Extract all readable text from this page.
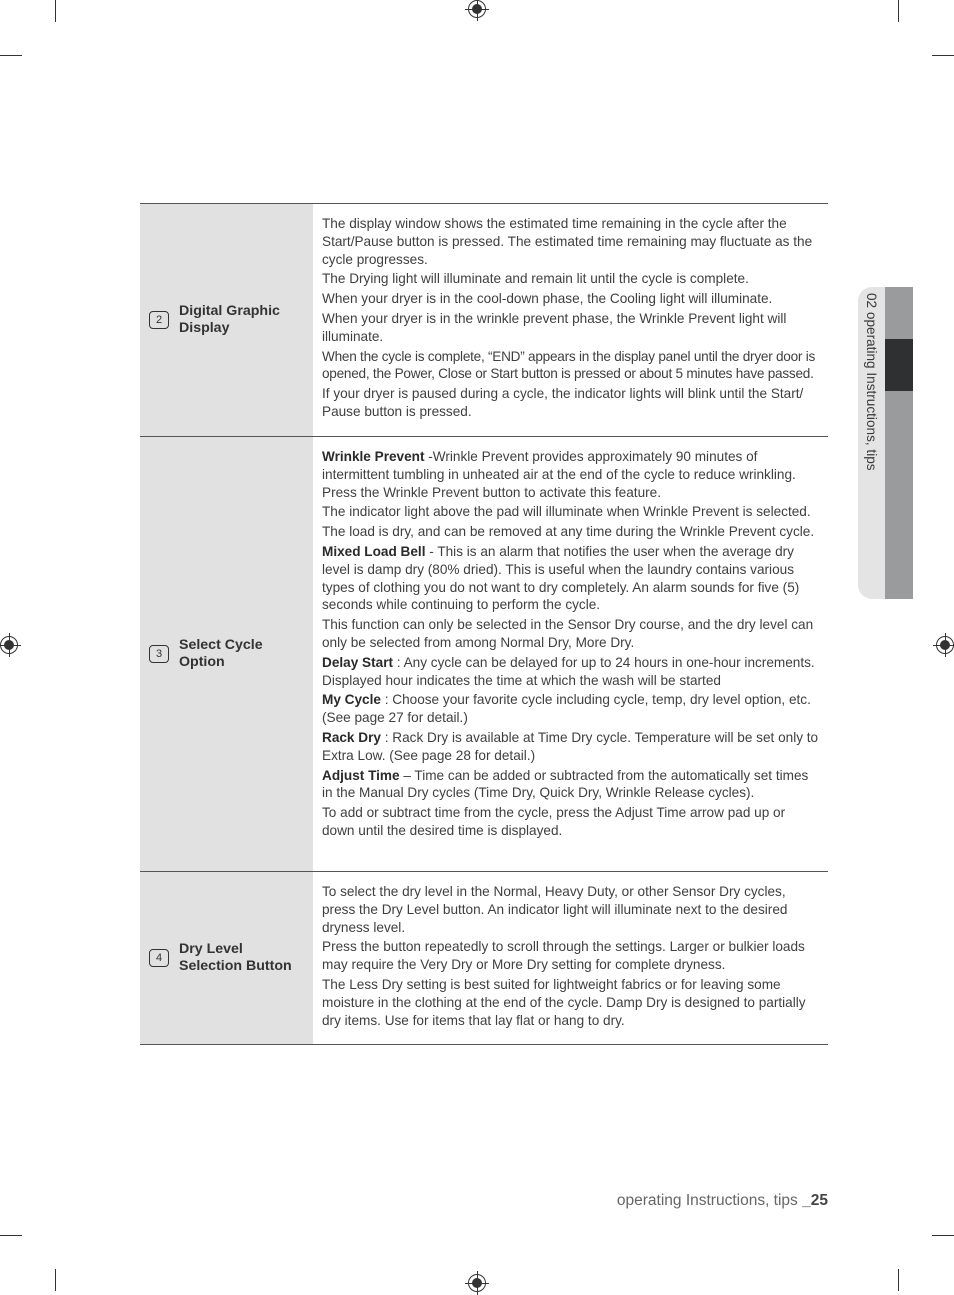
02 operating Instructions, tips
2
Digital Graphic
Display

The display window shows the estimated time remaining in the cycle after the Start/Pause button is pressed. The estimated time remaining may fluctuate as the cycle progresses.

The Drying light will illuminate and remain lit until the cycle is complete.

When your dryer is in the cool-down phase, the Cooling light will illuminate.

When your dryer is in the wrinkle prevent phase, the Wrinkle Prevent light will illuminate.

When the cycle is complete, “END” appears in the display panel until the dryer door is opened, the Power, Close or Start button is pressed or about 5 minutes have passed.

If your dryer is paused during a cycle, the indicator lights will blink until the Start/ Pause button is pressed.

3
Select Cycle
Option

Wrinkle Prevent -Wrinkle Prevent provides approximately 90 minutes of intermittent tumbling in unheated air at the end of the cycle to reduce wrinkling. Press the Wrinkle Prevent button to activate this feature.

The indicator light above the pad will illuminate when Wrinkle Prevent is selected.

The load is dry, and can be removed at any time during the Wrinkle Prevent cycle.

Mixed Load Bell - This is an alarm that notifies the user when the average dry level is damp dry (80% dried). This is useful when the laundry contains various types of clothing you do not want to dry completely. An alarm sounds for five (5) seconds while continuing to perform the cycle.

This function can only be selected in the Sensor Dry course, and the dry level can only be selected from among Normal Dry, More Dry.

Delay Start : Any cycle can be delayed for up to 24 hours in one-hour increments. Displayed hour indicates the time at which the wash will be started

My Cycle : Choose your favorite cycle including cycle, temp, dry level option, etc. (See page 27 for detail.)

Rack Dry : Rack Dry is available at Time Dry cycle. Temperature will be set only to Extra Low. (See page 28 for detail.)

Adjust Time – Time can be added or subtracted from the automatically set times in the Manual Dry cycles (Time Dry, Quick Dry, Wrinkle Release cycles).

To add or subtract time from the cycle, press the Adjust Time arrow pad up or down until the desired time is displayed.

4
Dry Level
Selection Button

To select the dry level in the Normal, Heavy Duty, or other Sensor Dry cycles, press the Dry Level button. An indicator light will illuminate next to the desired dryness level.

Press the button repeatedly to scroll through the settings. Larger or bulkier loads may require the Very Dry or More Dry setting for complete dryness.

The Less Dry setting is best suited for lightweight fabrics or for leaving some moisture in the clothing at the end of the cycle. Damp Dry is designed to partially dry items. Use for items that lay flat or hang to dry.

operating Instructions, tips _25
